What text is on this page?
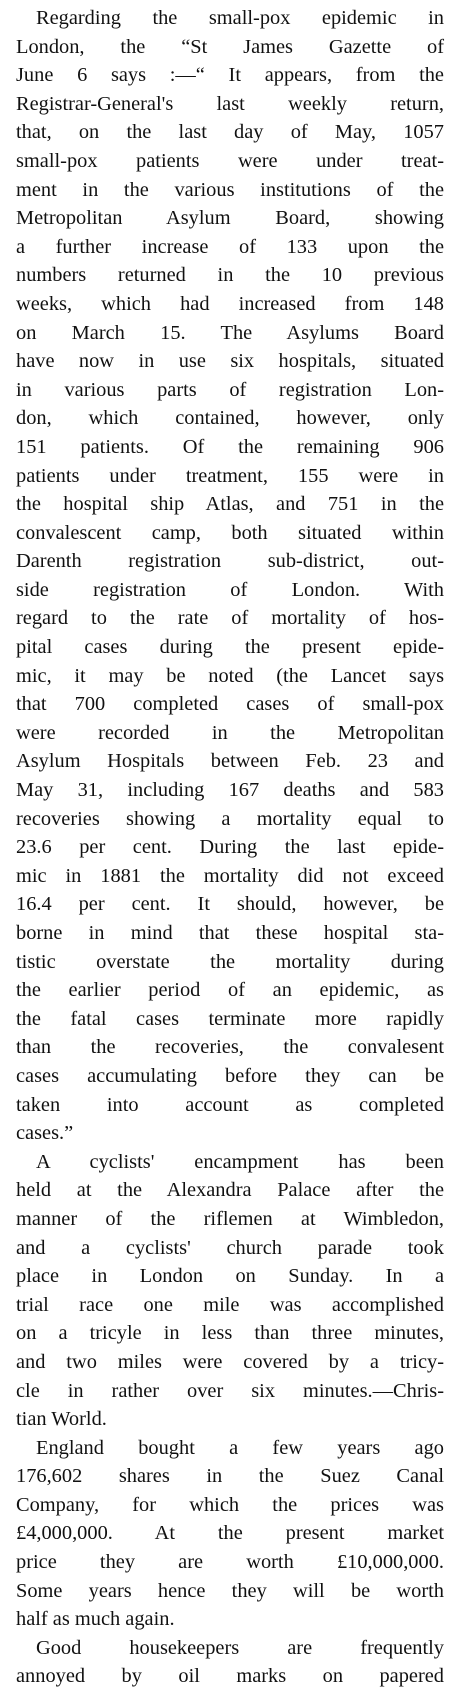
Regarding the small-pox epidemic in
London, the “St James Gazette of
June 6 says :—“ It appears, from the
Registrar-General's last weekly return,
that, on the last day of May, 1057
small-pox patients were under treat-
ment in the various institutions of the
Metropolitan Asylum Board, showing
a further increase of 133 upon the
numbers returned in the 10 previous
weeks, which had increased from 148
on March 15. The Asylums Board
have now in use six hospitals, situated
in various parts of registration Lon-
don, which contained, however, only
151 patients. Of the remaining 906
patients under treatment, 155 were in
the hospital ship Atlas, and 751 in the
convalescent camp, both situated within
Darenth registration sub-district, out-
side registration of London. With
regard to the rate of mortality of hos-
pital cases during the present epide-
mic, it may be noted (the Lancet says
that 700 completed cases of small-pox
were recorded in the Metropolitan
Asylum Hospitals between Feb. 23 and
May 31, including 167 deaths and 583
recoveries showing a mortality equal to
23.6 per cent. During the last epide-
mic in 1881 the mortality did not exceed
16.4 per cent. It should, however, be
borne in mind that these hospital sta-
tistic overstate the mortality during
the earlier period of an epidemic, as
the fatal cases terminate more rapidly
than the recoveries, the convalesent
cases accumulating before they can be
taken into account as completed
cases.”
A cyclists' encampment has been
held at the Alexandra Palace after the
manner of the riflemen at Wimbledon,
and a cyclists' church parade took
place in London on Sunday. In a
trial race one mile was accomplished
on a tricyle in less than three minutes,
and two miles were covered by a tricy-
cle in rather over six minutes.—Chris-
tian World.
England bought a few years ago
176,602 shares in the Suez Canal
Company, for which the prices was
£4,000,000. At the present market
price they are worth £10,000,000.
Some years hence they will be worth
half as much again.
Good housekeepers are frequently
annoyed by oil marks on papered
